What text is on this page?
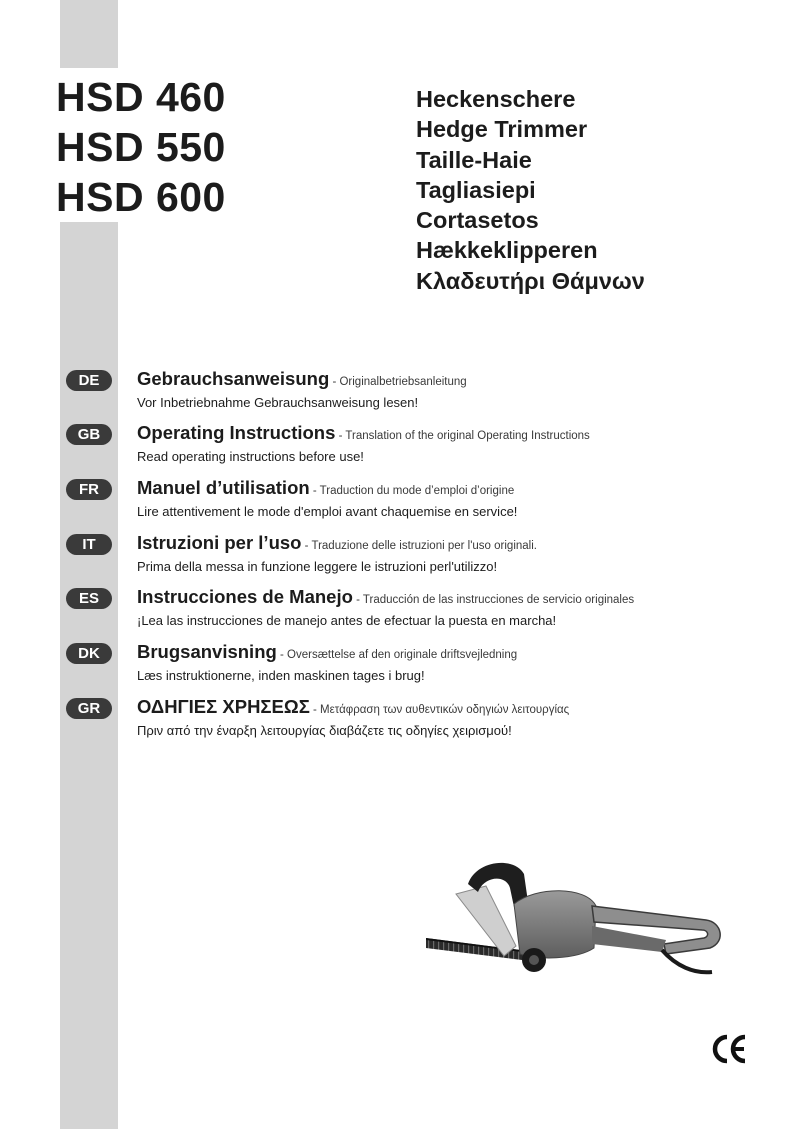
HSD 460
HSD 550
HSD 600
Heckenschere
Hedge Trimmer
Taille-Haie
Tagliasiepi
Cortasetos
Hækkeklipperen
Κλαδευτήρι Θάμνων
DE	Gebrauchsanweisung - Originalbetriebsanleitung
Vor Inbetriebnahme Gebrauchsanweisung lesen!
GB	Operating Instructions - Translation of the original Operating Instructions
Read operating instructions before use!
FR	Manuel d’utilisation - Traduction du mode d’emploi d’origine
Lire attentivement le mode d'emploi avant chaquemise en service!
IT	Istruzioni per l’uso - Traduzione delle istruzioni per l'uso originali.
Prima della messa in funzione leggere le istruzioni perl'utilizzo!
ES	Instrucciones de Manejo - Traducción de las instrucciones de servicio originales
¡Lea las instrucciones de manejo antes de efectuar la puesta en marcha!
DK	Brugsanvisning - Oversættelse af den originale driftsvejledning
Læs instruktionerne, inden maskinen tages i brug!
GR	ΟΔΗΓΙΕΣ ΧΡΗΣΕΩΣ - Μετάφραση των αυθεντικών οδηγιών λειτουργίας
Πριν από την έναρξη λειτουργίας διαβάζετε τις οδηγίες χειρισμού!
